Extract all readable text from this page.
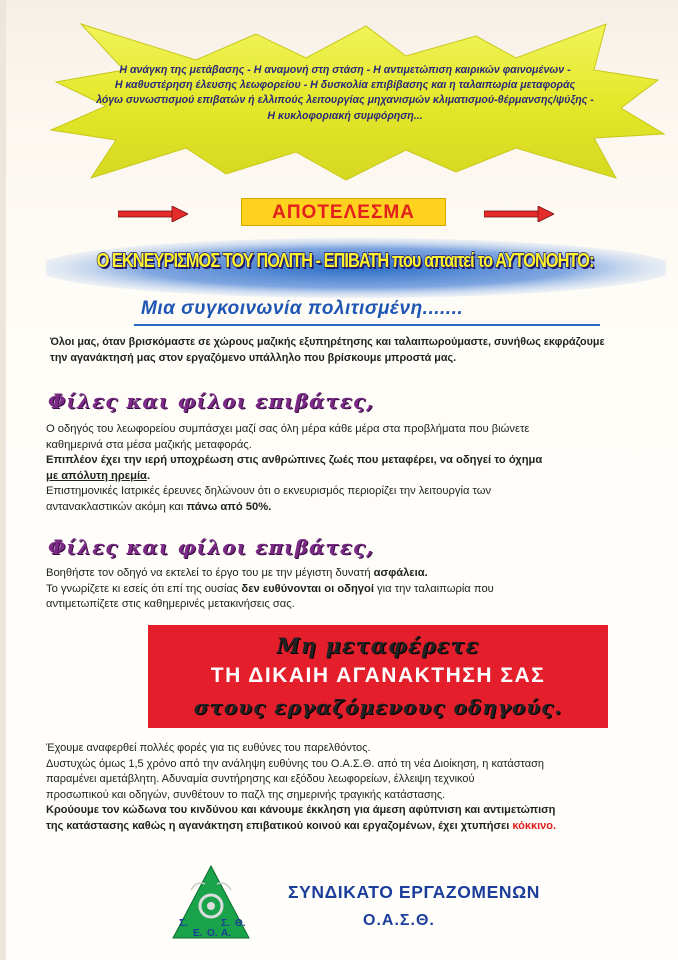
Η ανάγκη της μετάβασης - Η αναμονή στη στάση - Η αντιμετώπιση καιρικών φαινομένων -
Η καθυστέρηση έλευσης λεωφορείου - Η δυσκολία επιβίβασης και η ταλαιπωρία μεταφοράς
λόγω συνωστισμού επιβατών ή ελλιπούς λειτουργίας μηχανισμών κλιματισμού-θέρμανσης/ψύξης -
Η κυκλοφοριακή συμφόρηση...
ΑΠΟΤΕΛΕΣΜΑ
Ο ΕΚΝΕΥΡΙΣΜΟΣ ΤΟΥ ΠΟΛΙΤΗ - ΕΠΙΒΑΤΗ που απαιτεί το ΑΥΤΟΝΟΗΤΟ:
Μια συγκοινωνία πολιτισμένη.......
Όλοι μας, όταν βρισκόμαστε σε χώρους μαζικής εξυπηρέτησης και ταλαιπωρούμαστε, συνήθως εκφράζουμε
την αγανάκτησή μας στον εργαζόμενο υπάλληλο που βρίσκουμε μπροστά μας.
Φίλες και φίλοι επιβάτες,
Ο οδηγός του λεωφορείου συμπάσχει μαζί σας όλη μέρα κάθε μέρα στα προβλήματα που βιώνετε
καθημερινά στα μέσα μαζικής μεταφοράς.
Επιπλέον έχει την ιερή υποχρέωση στις ανθρώπινες ζωές που μεταφέρει, να οδηγεί το όχημα
με απόλυτη ηρεμία.
Επιστημονικές Ιατρικές έρευνες δηλώνουν ότι ο εκνευρισμός περιορίζει την λειτουργία των
αντανακλαστικών ακόμη και πάνω από 50%.
Φίλες και φίλοι επιβάτες,
Βοηθήστε τον οδηγό να εκτελεί το έργο του με την μέγιστη δυνατή ασφάλεια.
Το γνωρίζετε κι εσείς ότι επί της ουσίας δεν ευθύνονται οι οδηγοί για την ταλαιπωρία που
αντιμετωπίζετε στις καθημερινές μετακινήσεις σας.
Μη μεταφέρετε
ΤΗ ΔΙΚΑΙΗ ΑΓΑΝΑΚΤΗΣΗ ΣΑΣ
στους εργαζόμενους οδηγούς.
Έχουμε αναφερθεί πολλές φορές για τις ευθύνες του παρελθόντος.
Δυστυχώς όμως 1,5 χρόνο από την ανάληψη ευθύνης του Ο.Α.Σ.Θ. από τη νέα Διοίκηση, η κατάσταση
παραμένει αμετάβλητη. Αδυναμία συντήρησης και εξόδου λεωφορείων, έλλειψη τεχνικού
προσωπικού και οδηγών, συνθέτουν το παζλ της σημερινής τραγικής κατάστασης.
Κρούουμε τον κώδωνα του κινδύνου και κάνουμε έκκληση για άμεση αφύπνιση και αντιμετώπιση
της κατάστασης καθώς η αγανάκτηση επιβατικού κοινού και εργαζομένων, έχει χτυπήσει κόκκινο.
Σ.
Ε. Ο. Α.
Σ. Θ.
ΣΥΝΔΙΚΑΤΟ ΕΡΓΑΖΟΜΕΝΩΝ
Ο.Α.Σ.Θ.
